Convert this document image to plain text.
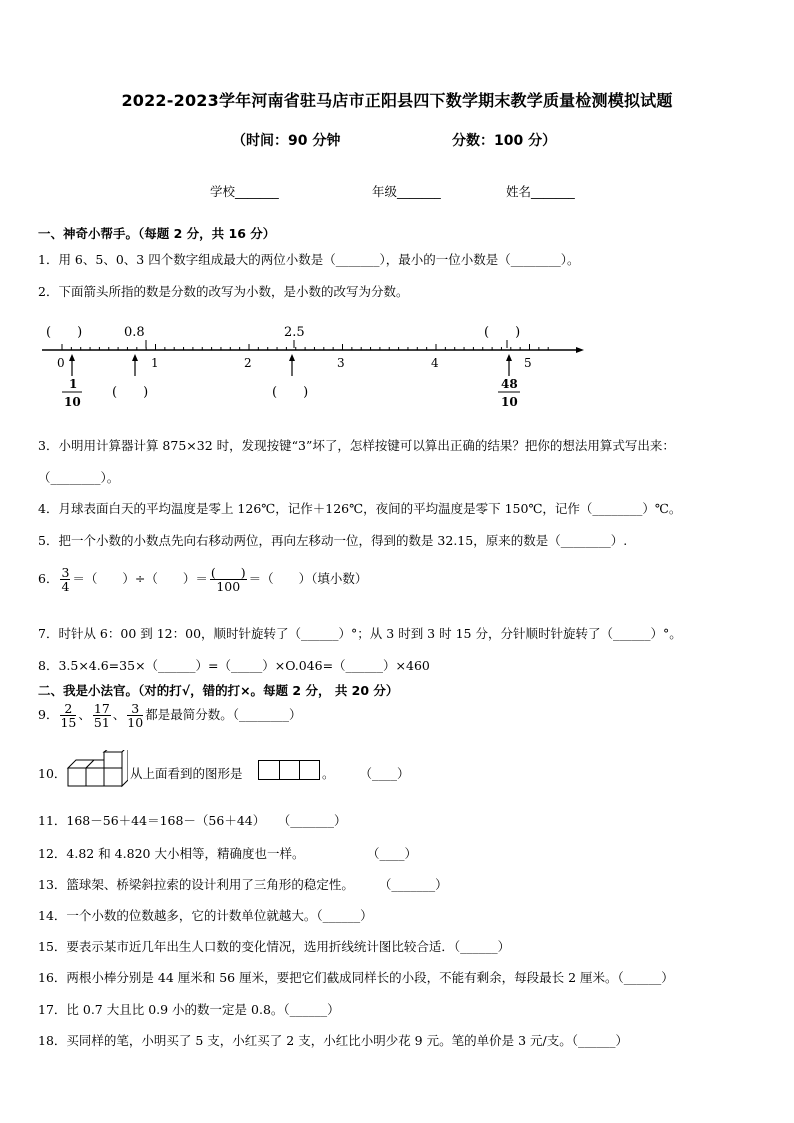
2022-2023学年河南省驻马店市正阳县四下数学期末教学质量检测模拟试题
（时间：90 分钟	分数：100 分）
学校_______	年级_______	姓名_______
一、神奇小帮手。（每题 2 分，共 16 分）
1．用 6、5、0、3 四个数字组成最大的两位小数是（_______），最小的一位小数是（________）。
2．下面箭头所指的数是分数的改写为小数，是小数的改写为分数。
(　　)	0.8	2.5	(　　)
0	1	2	3	4	5
1
10
(　　)	(　　)
48
10
3．小明用计算器计算 875×32 时，发现按键“3”坏了，怎样按键可以算出正确的结果？把你的想法用算式写出来：
（________）。
4．月球表面白天的平均温度是零上 126℃，记作＋126℃，夜间的平均温度是零下 150℃，记作（________）℃。
5．把一个小数的小数点先向右移动两位，再向左移动一位，得到的数是 32.15，原来的数是（________）.
6． $\frac{3}{4}$ ＝（　　）÷（　　）＝ $\frac{( )}{100}$ ＝（　　）（填小数）
7．时针从 6：00 到 12：00，顺时针旋转了（______）°；从 3 时到 3 时 15 分，分针顺时针旋转了（______）°。
8．3.5×4.6=35×（______）=（_____）×O.046=（______）×460
二、我是小法官。（对的打√，错的打×。每题 2 分， 共 20 分）
9． $\frac{2}{15}$ 、 $\frac{17}{51}$ 、 $\frac{3}{10}$ 都是最简分数。（________）
10．	从上面看到的图形是	。　　　（____）
11．168－56＋44＝168－（56＋44）　　（_______）
12．4.82 和 4.820 大小相等，精确度也一样。　　　　　　（____）
13．篮球架、桥梁斜拉索的设计利用了三角形的稳定性。　　　（_______）
14．一个小数的位数越多，它的计数单位就越大。（______）
15．要表示某市近几年出生人口数的变化情况，选用折线统计图比较合适．（______）
16．两根小棒分别是 44 厘米和 56 厘米，要把它们截成同样长的小段，不能有剩余，每段最长 2 厘米。（______）
17．比 0.7 大且比 0.9 小的数一定是 0.8。（______）
18．买同样的笔，小明买了 5 支，小红买了 2 支，小红比小明少花 9 元。笔的单价是 3 元/支。（______）
